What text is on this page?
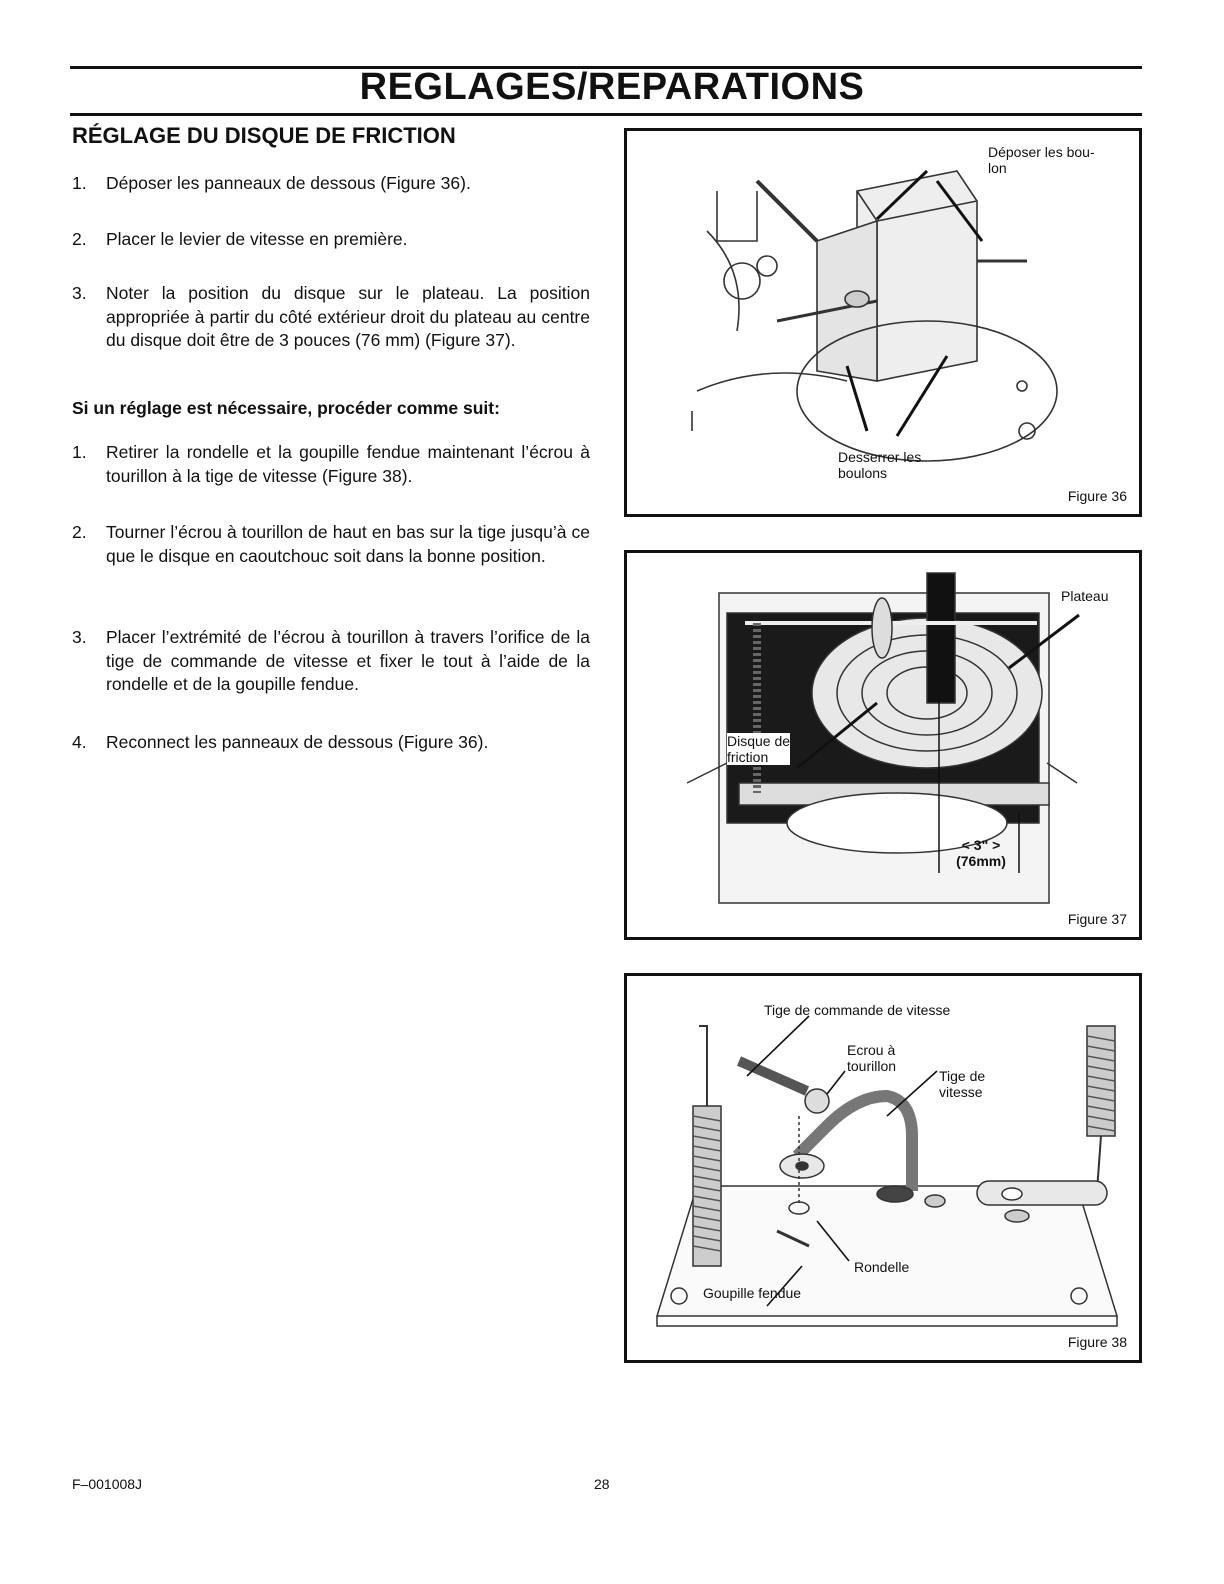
REGLAGES/REPARATIONS
RÉGLAGE DU DISQUE DE FRICTION
1. Déposer les panneaux de dessous (Figure 36).
2. Placer le levier de vitesse en première.
3. Noter la position du disque sur le plateau. La position appropriée à partir du côté extérieur droit du plateau au centre du disque doit être de 3 pouces (76 mm) (Figure 37).
Si un réglage est nécessaire, procéder comme suit:
1. Retirer la rondelle et la goupille fendue maintenant l’écrou à tourillon à la tige de vitesse (Figure 38).
2. Tourner l’écrou à tourillon de haut en bas sur la tige jusqu’à ce que le disque en caoutchouc soit dans la bonne position.
3. Placer l’extrémité de l’écrou à tourillon à travers l’orifice de la tige de commande de vitesse et fixer le tout à l’aide de la rondelle et de la goupille fendue.
4. Reconnect les panneaux de dessous (Figure 36).
Déposer les bou-
lon
Desserrer les
boulons
Figure 36
Plateau
Disque de
friction
< 3" >
(76mm)
Figure 37
Tige de commande de vitesse
Ecrou à
tourillon
Tige de
vitesse
Rondelle
Goupille fendue
Figure 38
F–001008J	28
